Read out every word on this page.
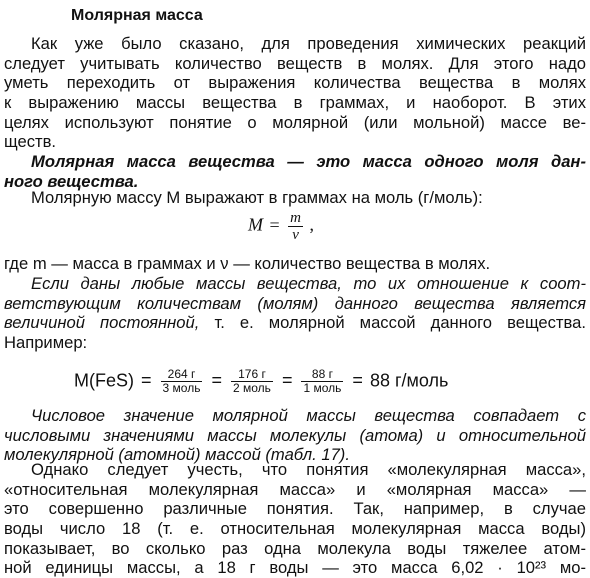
Молярная масса
Как уже было сказано, для проведения химических реакций
следует учитывать количество веществ в молях. Для этого надо
уметь переходить от выражения количества вещества в молях
к выражению массы вещества в граммах, и наоборот. В этих
целях используют понятие о молярной (или мольной) массе ве-
ществ.
Молярная масса вещества — это масса одного моля дан-
ного вещества.
Молярную массу M выражают в граммах на моль (г/моль):
$M = \frac{m}{\nu}$ ,
где m — масса в граммах и ν — количество вещества в молях.
Если даны любые массы вещества, то их отношение к соот-
ветствующим количествам (молям) данного вещества является
величиной постоянной, т. е. молярной массой данного вещества.
Например:
$M(FeS) = \frac{264 г}{\text{3 моль}} = \frac{176 г}{\text{2 моль}} = \frac{88 г}{\text{1 моль}} = 88$ г/моль
Числовое значение молярной массы вещества совпадает с
числовыми значениями массы молекулы (атома) и относительной
молекулярной (атомной) массой (табл. 17).
Однако следует учесть, что понятия «молекулярная масса»,
«относительная молекулярная масса» и «молярная масса» —
это совершенно различные понятия. Так, например, в случае
воды число 18 (т. е. относительная молекулярная масса воды)
показывает, во сколько раз одна молекула воды тяжелее атом-
ной единицы массы, а 18 г воды — это масса 6,02 · 10²³ мо-
